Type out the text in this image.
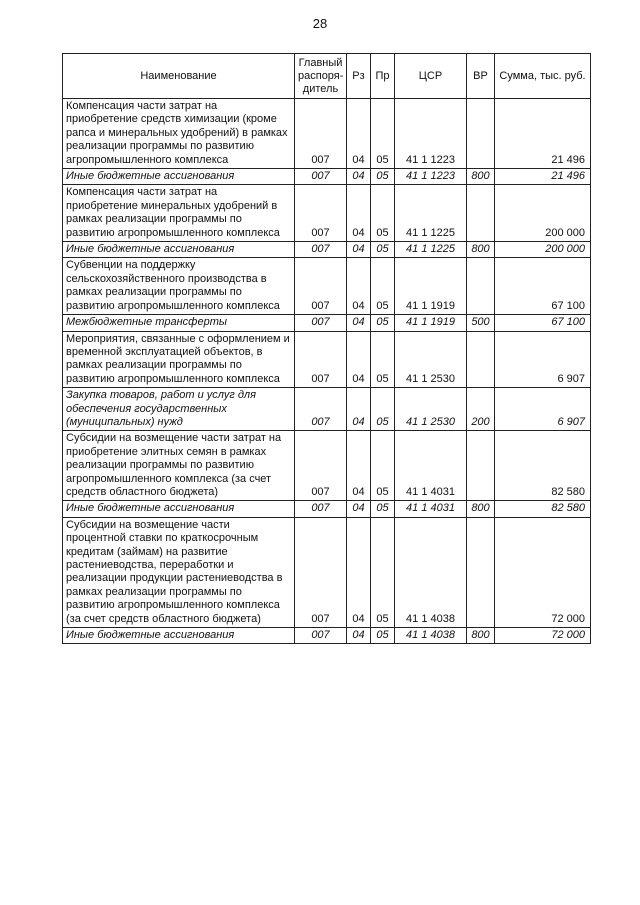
28
Наименование	Главный распоря-дитель	Рз	Пр	ЦСР	ВР	Сумма, тыс. руб.
Компенсация части затрат на приобретение средств химизации (кроме рапса и минеральных удобрений) в рамках реализации программы по развитию агропромышленного комплекса	007	04	05	41 1 1223		21 496
Иные бюджетные ассигнования	007	04	05	41 1 1223	800	21 496
Компенсация части затрат на приобретение минеральных удобрений в рамках реализации программы по развитию агропромышленного комплекса	007	04	05	41 1 1225		200 000
Иные бюджетные ассигнования	007	04	05	41 1 1225	800	200 000
Субвенции на поддержку сельскохозяйственного производства в рамках реализации программы по развитию агропромышленного комплекса	007	04	05	41 1 1919		67 100
Межбюджетные трансферты	007	04	05	41 1 1919	500	67 100
Мероприятия, связанные с оформлением и временной эксплуатацией объектов, в рамках реализации программы по развитию агропромышленного комплекса	007	04	05	41 1 2530		6 907
Закупка товаров, работ и услуг для обеспечения государственных (муниципальных) нужд	007	04	05	41 1 2530	200	6 907
Субсидии на возмещение части затрат на приобретение элитных семян в рамках реализации программы по развитию агропромышленного комплекса (за счет средств областного бюджета)	007	04	05	41 1 4031		82 580
Иные бюджетные ассигнования	007	04	05	41 1 4031	800	82 580
Субсидии на возмещение части процентной ставки по краткосрочным кредитам (займам) на развитие растениеводства, переработки и реализации продукции растениеводства в рамках реализации программы по развитию агропромышленного комплекса (за счет средств областного бюджета)	007	04	05	41 1 4038		72 000
Иные бюджетные ассигнования	007	04	05	41 1 4038	800	72 000
